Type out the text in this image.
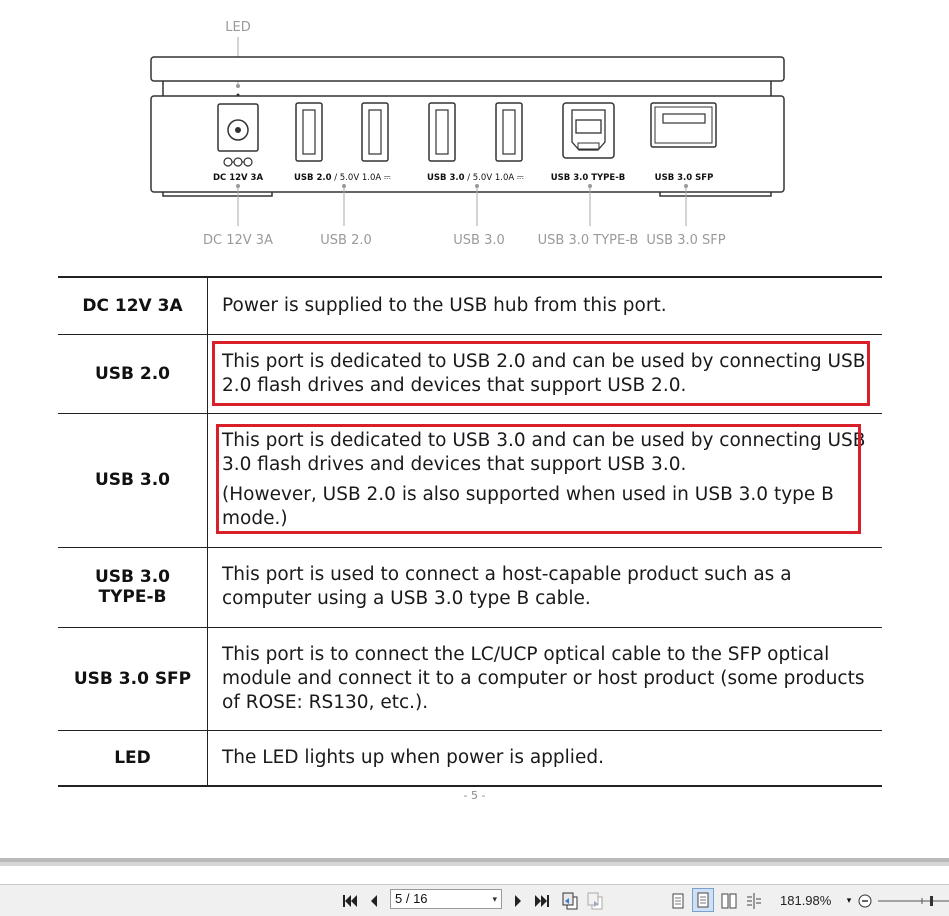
LED
DC 12V 3A	USB 2.0 / 5.0V 1.0A ⎓	USB 3.0 / 5.0V 1.0A ⎓	USB 3.0 TYPE-B	USB 3.0 SFP
DC 12V 3A	USB 2.0	USB 3.0	USB 3.0 TYPE-B USB 3.0 SFP
DC 12V 3A	Power is supplied to the USB hub from this port.

USB 2.0	This port is dedicated to USB 2.0 and can be used by connecting USB 2.0 flash drives and devices that support USB 2.0.

USB 3.0	This port is dedicated to USB 3.0 and can be used by connecting USB 3.0 flash drives and devices that support USB 3.0.

(However, USB 2.0 is also supported when used in USB 3.0 type B mode.)

USB 3.0
TYPE-B	This port is used to connect a host-capable product such as a computer using a USB 3.0 type B cable.

USB 3.0 SFP	This port is to connect the LC/UCP optical cable to the SFP optical module and connect it to a computer or host product (some products of ROSE: RS130, etc.).

LED	The LED lights up when power is applied.

- 5 -
5 / 16	▾	181.98%	▾
